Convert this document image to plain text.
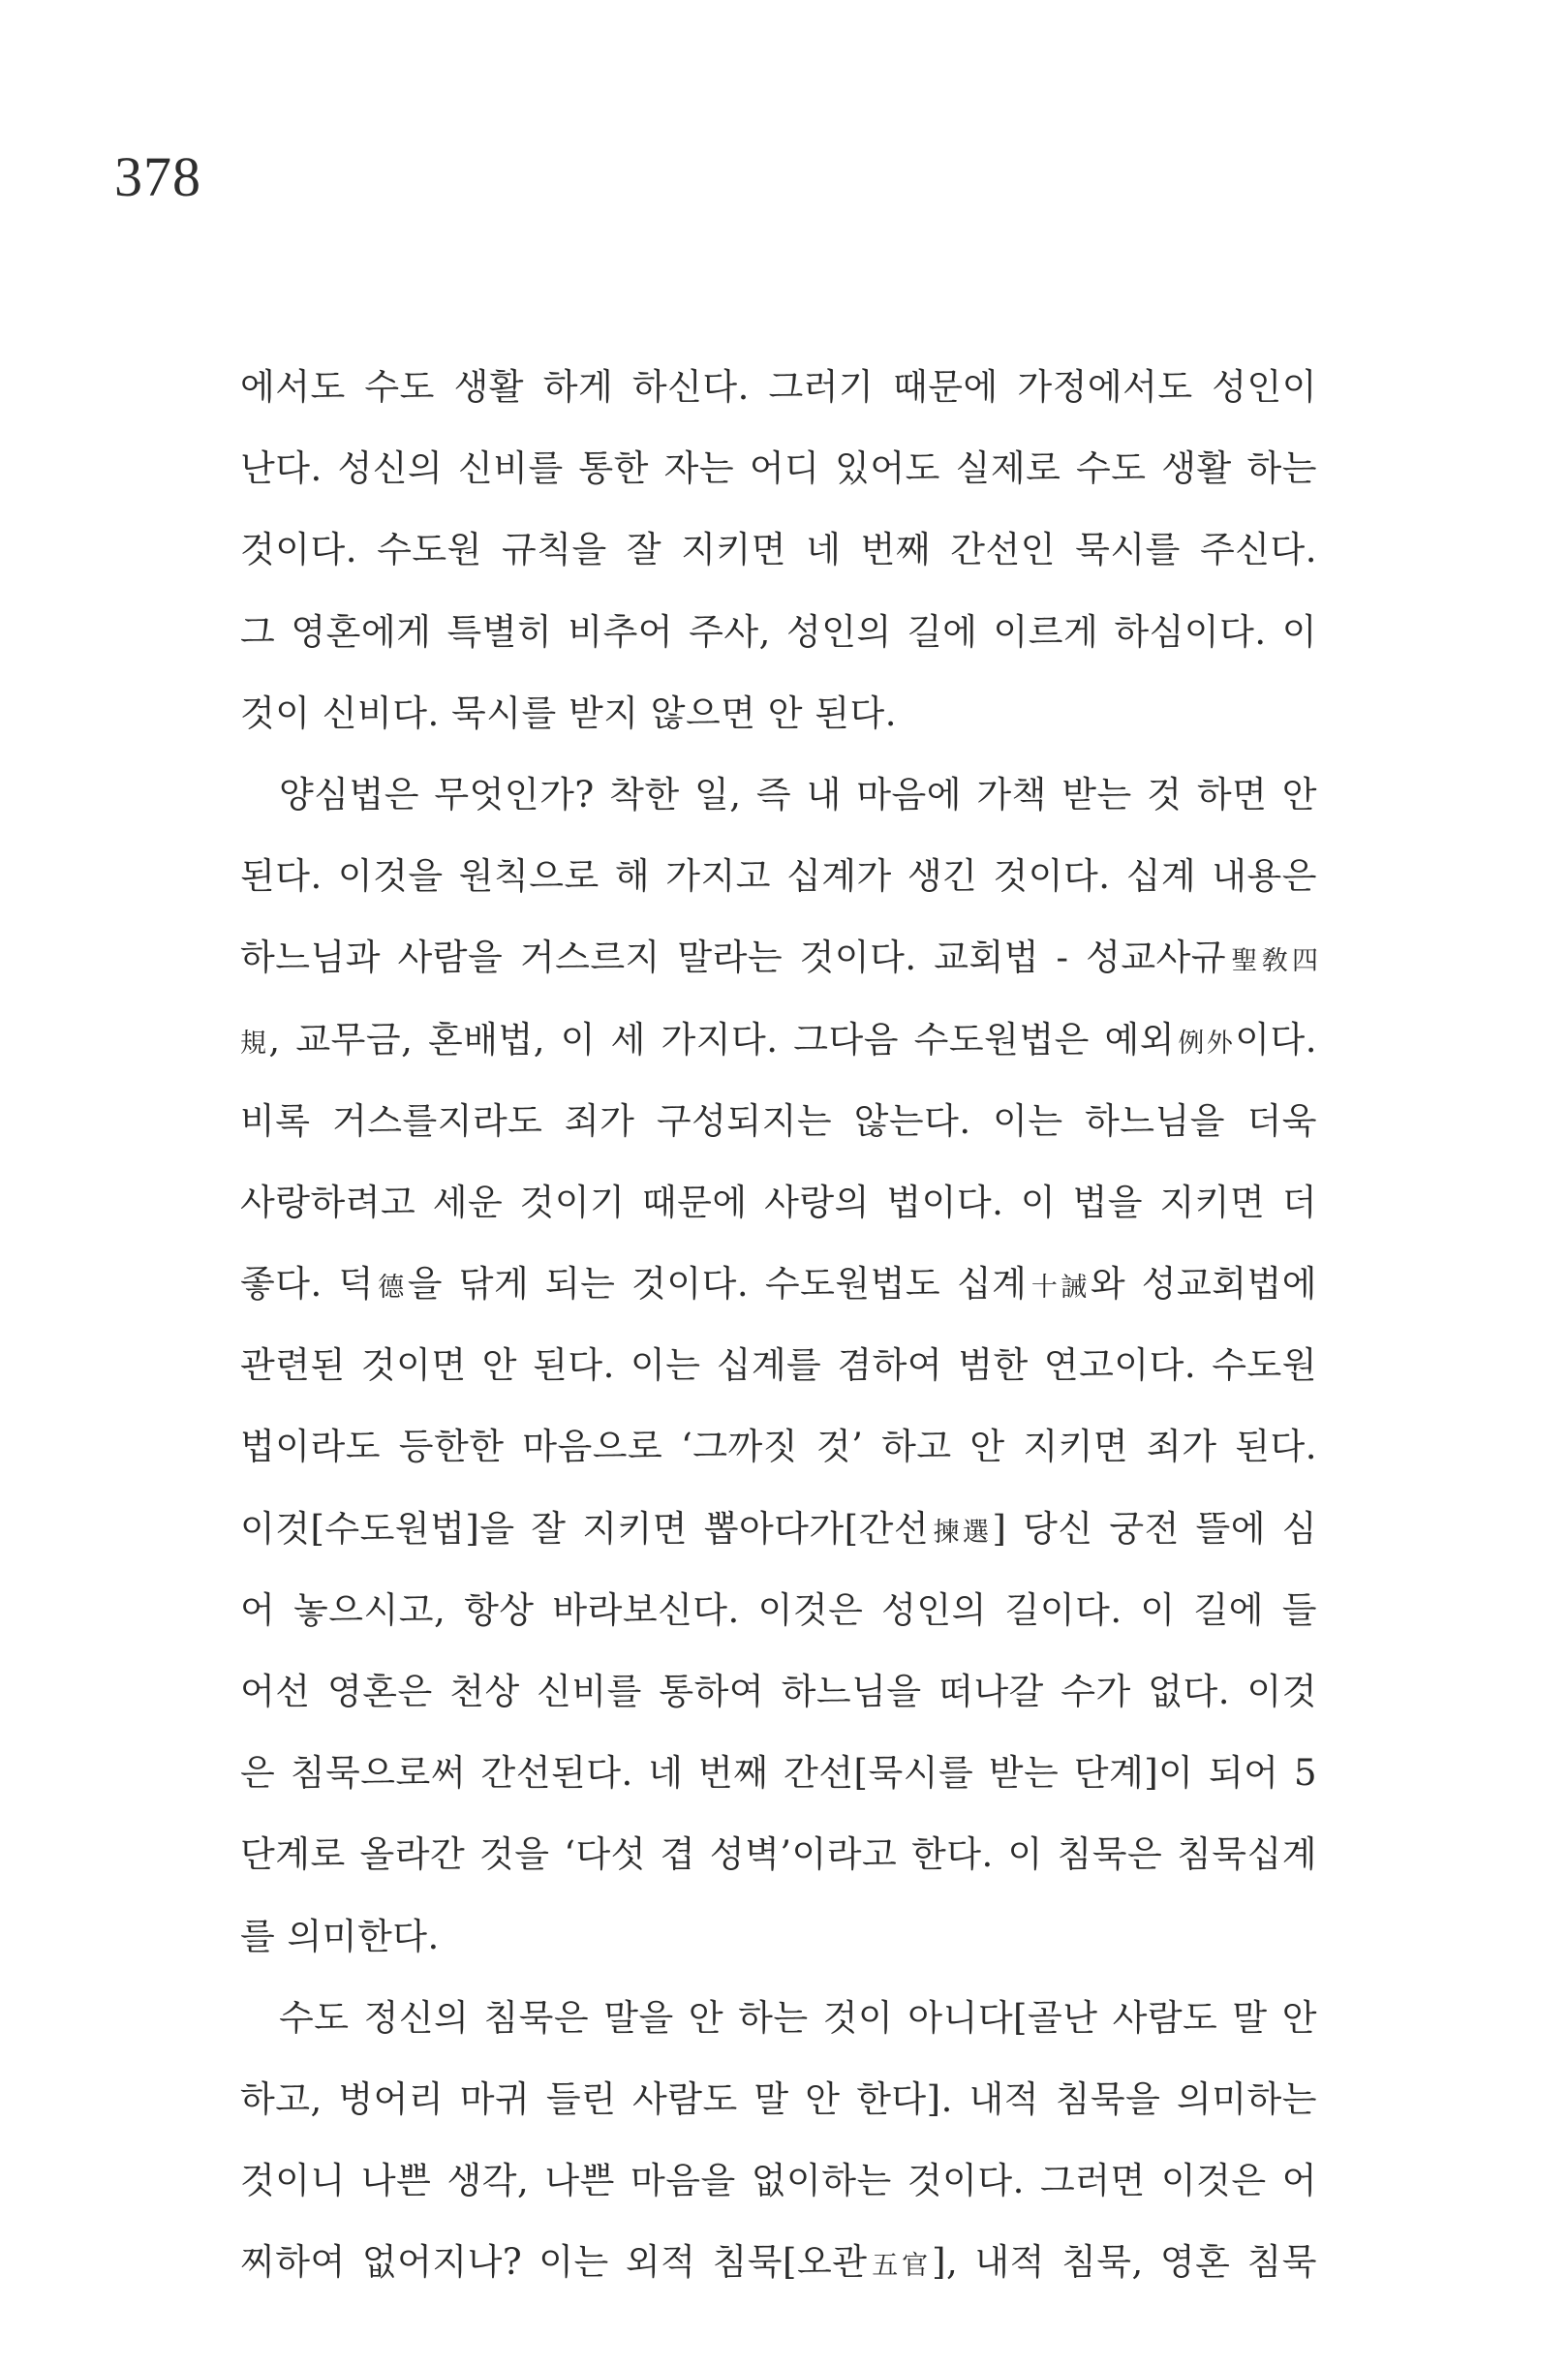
378
에서도 수도 생활 하게 하신다. 그러기 때문에 가정에서도 성인이
난다. 성신의 신비를 통한 자는 어디 있어도 실제로 수도 생활 하는
것이다. 수도원 규칙을 잘 지키면 네 번째 간선인 묵시를 주신다.
그 영혼에게 특별히 비추어 주사, 성인의 길에 이르게 하심이다. 이
것이 신비다. 묵시를 받지 않으면 안 된다.
양심법은 무엇인가? 착한 일, 즉 내 마음에 가책 받는 것 하면 안
된다. 이것을 원칙으로 해 가지고 십계가 생긴 것이다. 십계 내용은
하느님과 사람을 거스르지 말라는 것이다. 교회법 - 성교사규聖敎四
規, 교무금, 혼배법, 이 세 가지다. 그다음 수도원법은 예외例外이다.
비록 거스를지라도 죄가 구성되지는 않는다. 이는 하느님을 더욱
사랑하려고 세운 것이기 때문에 사랑의 법이다. 이 법을 지키면 더
좋다. 덕德을 닦게 되는 것이다. 수도원법도 십계十誡와 성교회법에
관련된 것이면 안 된다. 이는 십계를 겸하여 범한 연고이다. 수도원
법이라도 등한한 마음으로 ‘그까짓 것’ 하고 안 지키면 죄가 된다.
이것[수도원법]을 잘 지키면 뽑아다가[간선揀選] 당신 궁전 뜰에 심
어 놓으시고, 항상 바라보신다. 이것은 성인의 길이다. 이 길에 들
어선 영혼은 천상 신비를 통하여 하느님을 떠나갈 수가 없다. 이것
은 침묵으로써 간선된다. 네 번째 간선[묵시를 받는 단계]이 되어 5
단계로 올라간 것을 ‘다섯 겹 성벽’이라고 한다. 이 침묵은 침묵십계
를 의미한다.
수도 정신의 침묵은 말을 안 하는 것이 아니다[골난 사람도 말 안
하고, 벙어리 마귀 들린 사람도 말 안 한다]. 내적 침묵을 의미하는
것이니 나쁜 생각, 나쁜 마음을 없이하는 것이다. 그러면 이것은 어
찌하여 없어지나? 이는 외적 침묵[오관五官], 내적 침묵, 영혼 침묵
